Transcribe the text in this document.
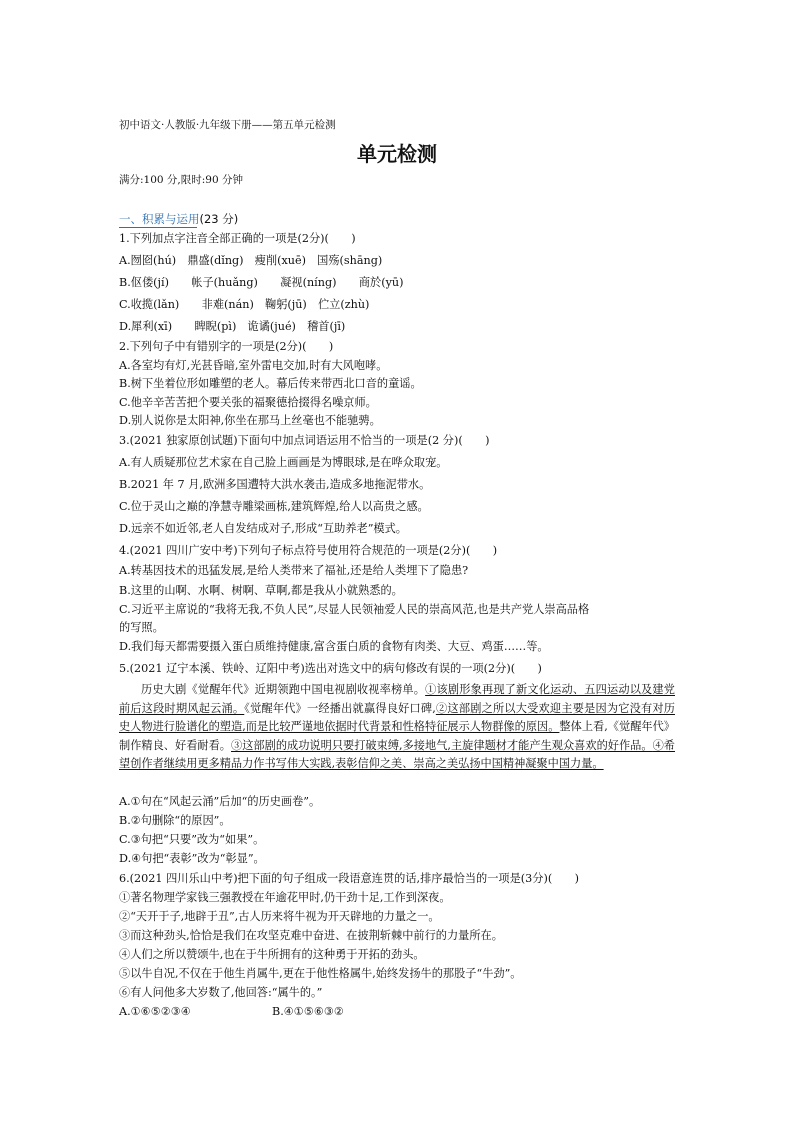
初中语文·人教版·九年级下册——第五单元检测
单元检测
满分:100 分,限时:90 分钟
一、积累与运用(23 分)
1.下列加点字注音全部正确的一项是(2分)(　　)
A.囫囵(hú)　鼎盛(dǐng)　瘦削(xuē)　国殇(shāng)
B.伛偻(jí)　　帐子(huǎng)　　凝视(níng)　　商於(yū)
C.收揽(lǎn)　　非难(nán)　鞠躬(jū)　伫立(zhù)
D.犀利(xī)　　睥睨(pì)　诡谲(jué)　稽首(jī)
2.下列句子中有错别字的一项是(2分)(　　)
A.各室均有灯,光甚昏暗,室外雷电交加,时有大风咆哮。
B.树下坐着位形如雕塑的老人。幕后传来带西北口音的童谣。
C.他辛辛苦苦把个要关张的福聚德拾掇得名噪京师。
D.别人说你是太阳神,你坐在那马上丝毫也不能驰骋。
3.(2021 独家原创试题)下面句中加点词语运用不恰当的一项是(2 分)(　　)
A.有人质疑那位艺术家在自己脸上画画是为博眼球,是在哗众取宠。
B.2021 年 7 月,欧洲多国遭特大洪水袭击,造成多地拖泥带水。
C.位于灵山之巅的净慧寺雕梁画栋,建筑辉煌,给人以高贵之感。
D.远亲不如近邻,老人自发结成对子,形成“互助养老”模式。
4.(2021 四川广安中考)下列句子标点符号使用符合规范的一项是(2分)(　　)
A.转基因技术的迅猛发展,是给人类带来了福祉,还是给人类埋下了隐患?
B.这里的山啊、水啊、树啊、草啊,都是我从小就熟悉的。
C.习近平主席说的“我将无我,不负人民”,尽显人民领袖爱人民的崇高风范,也是共产党人崇高品格
的写照。
D.我们每天都需要摄入蛋白质维持健康,富含蛋白质的食物有肉类、大豆、鸡蛋……等。
5.(2021 辽宁本溪、铁岭、辽阳中考)选出对选文中的病句修改有误的一项(2分)(　　)
历史大剧《觉醒年代》近期领跑中国电视剧收视率榜单。①该剧形象再现了新文化运动、五四运动以及建党前后这段时期风起云涌。《觉醒年代》一经播出就赢得良好口碑,②这部剧之所以大受欢迎主要是因为它没有对历史人物进行脸谱化的塑造,而是比较严谨地依据时代背景和性格特征展示人物群像的原因。整体上看,《觉醒年代》制作精良、好看耐看。③这部剧的成功说明只要打破束缚,多接地气,主旋律题材才能产生观众喜欢的好作品。④希望创作者继续用更多精品力作书写伟大实践,表彰信仰之美、崇高之美弘扬中国精神凝聚中国力量。
A.①句在“风起云涌”后加“的历史画卷”。
B.②句删除“的原因”。
C.③句把“只要”改为“如果”。
D.④句把“表彰”改为“彰显”。
6.(2021 四川乐山中考)把下面的句子组成一段语意连贯的话,排序最恰当的一项是(3分)(　　)
①著名物理学家钱三强教授在年逾花甲时,仍干劲十足,工作到深夜。
②“天开于子,地辟于丑”,古人历来将牛视为开天辟地的力量之一。
③而这种劲头,恰恰是我们在攻坚克难中奋进、在披荆斩棘中前行的力量所在。
④人们之所以赞颂牛,也在于牛所拥有的这种勇于开拓的劲头。
⑤以牛自况,不仅在于他生肖属牛,更在于他性格属牛,始终发扬牛的那股子“牛劲”。
⑥有人问他多大岁数了,他回答:“属牛的。”
A.①⑥⑤②③④	B.④①⑤⑥③②
